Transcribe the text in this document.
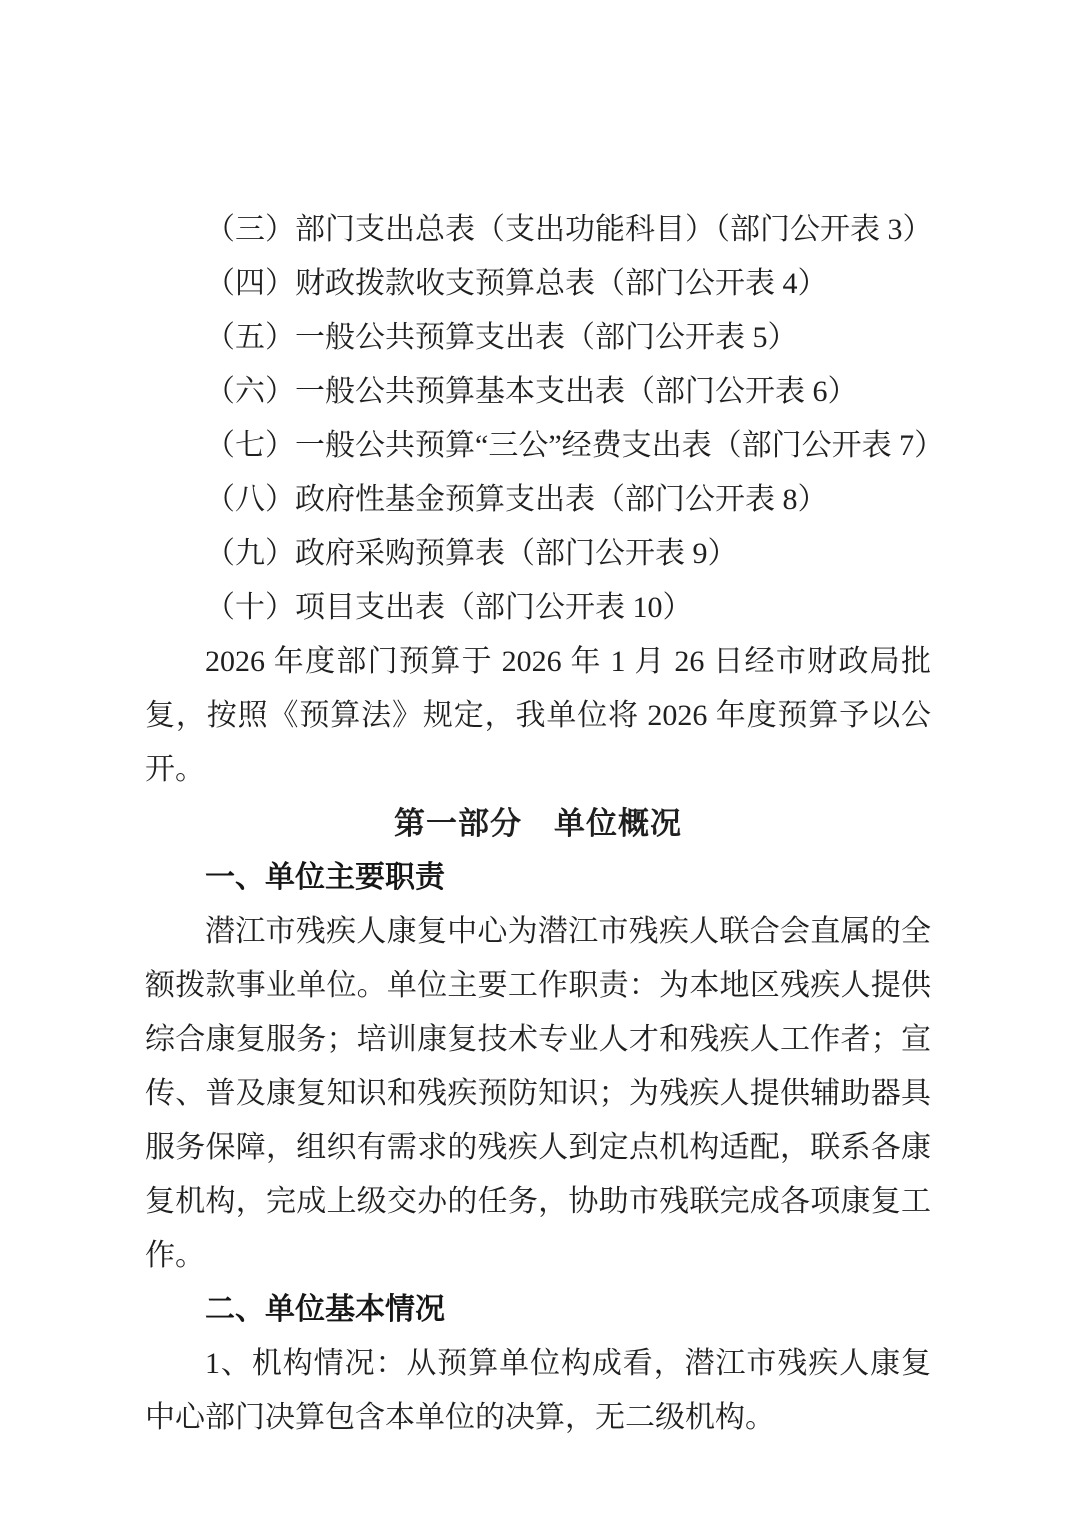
（三）部门支出总表（支出功能科目）（部门公开表 3）
（四）财政拨款收支预算总表（部门公开表 4）
（五）一般公共预算支出表（部门公开表 5）
（六）一般公共预算基本支出表（部门公开表 6）
（七）一般公共预算“三公”经费支出表（部门公开表 7）
（八）政府性基金预算支出表（部门公开表 8）
（九）政府采购预算表（部门公开表 9）
（十）项目支出表（部门公开表 10）
2026 年度部门预算于 2026 年 1 月 26 日经市财政局批复，按照《预算法》规定，我单位将 2026 年度预算予以公开。
第一部分　单位概况
一、单位主要职责
潜江市残疾人康复中心为潜江市残疾人联合会直属的全额拨款事业单位。单位主要工作职责：为本地区残疾人提供综合康复服务；培训康复技术专业人才和残疾人工作者；宣传、普及康复知识和残疾预防知识；为残疾人提供辅助器具服务保障，组织有需求的残疾人到定点机构适配，联系各康复机构，完成上级交办的任务，协助市残联完成各项康复工作。
二、单位基本情况
1、机构情况：从预算单位构成看，潜江市残疾人康复中心部门决算包含本单位的决算，无二级机构。
